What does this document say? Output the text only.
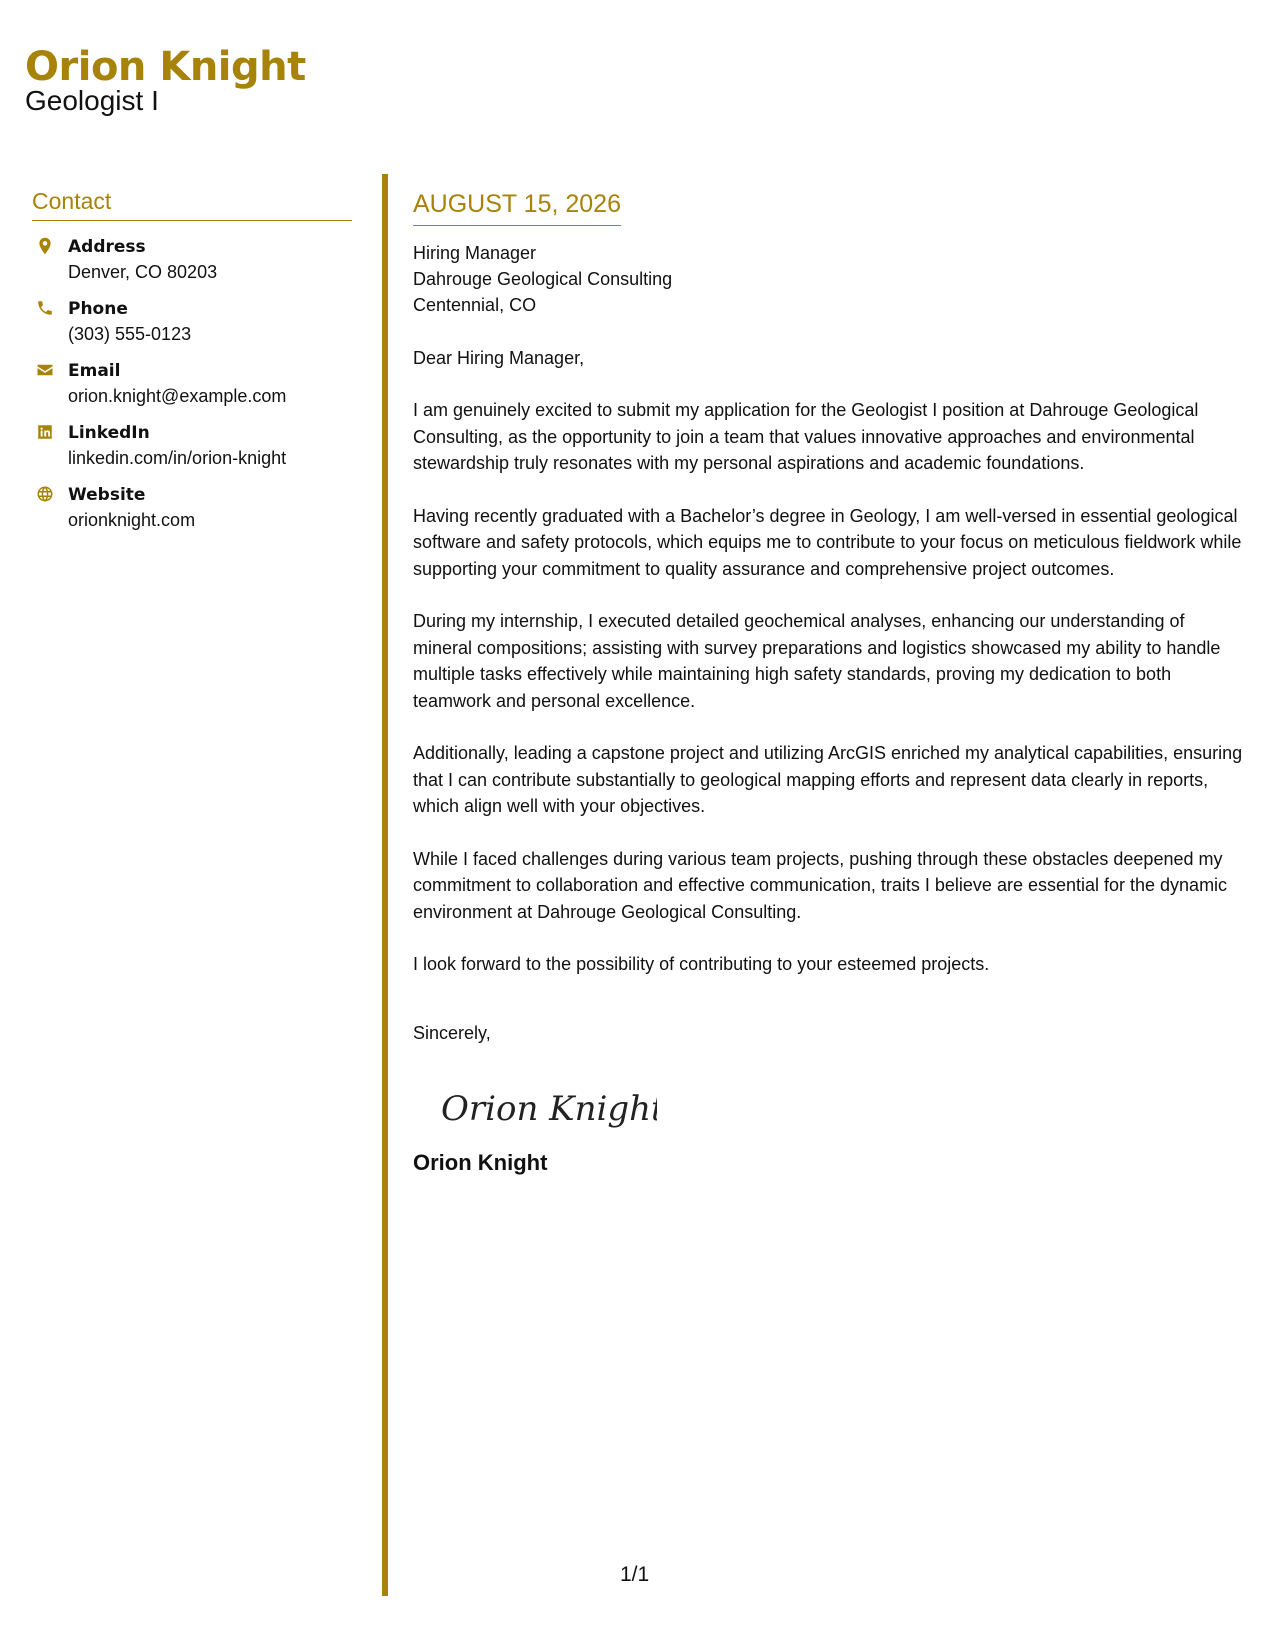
Orion Knight
Geologist I
Contact
Address
Denver, CO 80203
Phone
(303) 555-0123
Email
orion.knight@example.com
LinkedIn
linkedin.com/in/orion-knight
Website
orionknight.com
AUGUST 15, 2026
Hiring Manager
Dahrouge Geological Consulting
Centennial, CO
Dear Hiring Manager,
I am genuinely excited to submit my application for the Geologist I position at Dahrouge Geological Consulting, as the opportunity to join a team that values innovative approaches and environmental stewardship truly resonates with my personal aspirations and academic foundations.
Having recently graduated with a Bachelor’s degree in Geology, I am well-versed in essential geological software and safety protocols, which equips me to contribute to your focus on meticulous fieldwork while supporting your commitment to quality assurance and comprehensive project outcomes.
During my internship, I executed detailed geochemical analyses, enhancing our understanding of mineral compositions; assisting with survey preparations and logistics showcased my ability to handle multiple tasks effectively while maintaining high safety standards, proving my dedication to both teamwork and personal excellence.
Additionally, leading a capstone project and utilizing ArcGIS enriched my analytical capabilities, ensuring that I can contribute substantially to geological mapping efforts and represent data clearly in reports, which align well with your objectives.
While I faced challenges during various team projects, pushing through these obstacles deepened my commitment to collaboration and effective communication, traits I believe are essential for the dynamic environment at Dahrouge Geological Consulting.
I look forward to the possibility of contributing to your esteemed projects.
Sincerely,
Orion Knight
Orion Knight
1/1
